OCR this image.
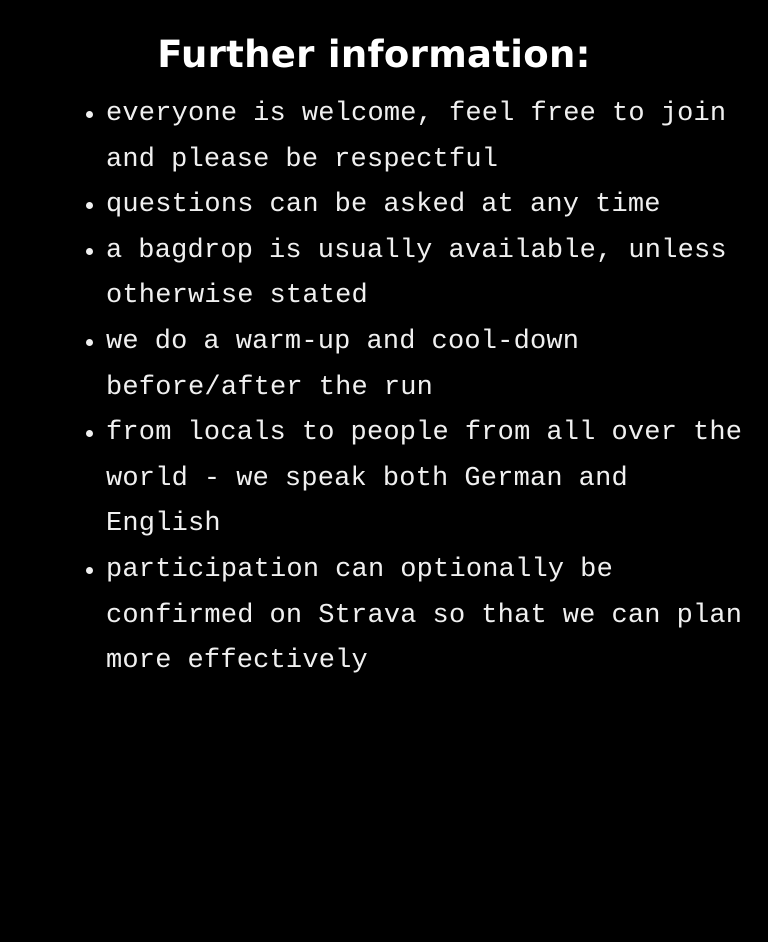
Further information:
everyone is welcome, feel free to join and please be respectful
questions can be asked at any time
a bagdrop is usually available, unless otherwise stated
we do a warm-up and cool-down before/after the run
from locals to people from all over the world - we speak both German and English
participation can optionally be confirmed on Strava so that we can plan more effectively
